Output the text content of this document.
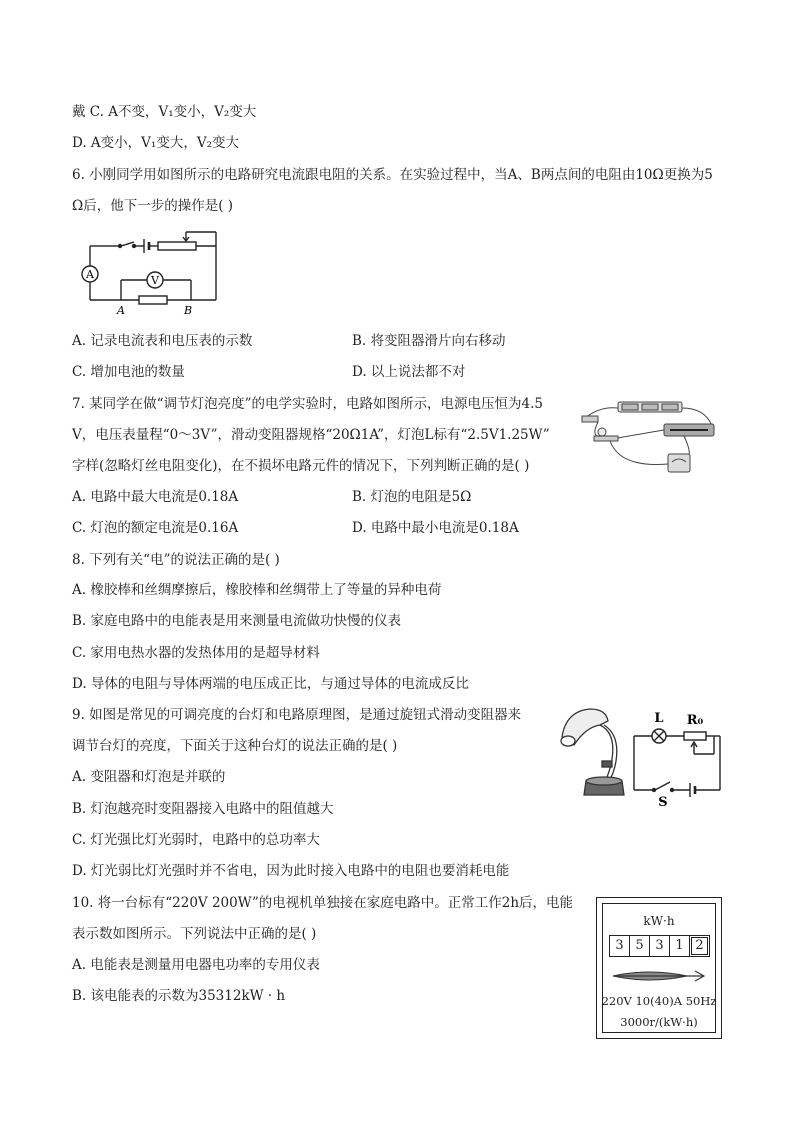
戴 C. A不变，V₁变小，V₂变大
D. A变小，V₁变大，V₂变大
6. 小刚同学用如图所示的电路研究电流跟电阻的关系。在实验过程中，当A、B两点间的电阻由10Ω更换为5
Ω后，他下一步的操作是( )
A	V
A	B
A. 记录电流表和电压表的示数	B. 将变阻器滑片向右移动
C. 增加电池的数量	D. 以上说法都不对
7. 某同学在做“调节灯泡亮度”的电学实验时，电路如图所示，电源电压恒为4.5
V，电压表量程“0～3V”，滑动变阻器规格“20Ω1A”，灯泡L标有“2.5V1.25W”
字样(忽略灯丝电阻变化)，在不损坏电路元件的情况下，下列判断正确的是( )
A. 电路中最大电流是0.18A	B. 灯泡的电阻是5Ω
C. 灯泡的额定电流是0.16A	D. 电路中最小电流是0.18A
8. 下列有关“电”的说法正确的是( )
A. 橡胶棒和丝绸摩擦后，橡胶棒和丝绸带上了等量的异种电荷
B. 家庭电路中的电能表是用来测量电流做功快慢的仪表
C. 家用电热水器的发热体用的是超导材料
D. 导体的电阻与导体两端的电压成正比，与通过导体的电流成反比
9. 如图是常见的可调亮度的台灯和电路原理图，是通过旋钮式滑动变阻器来
调节台灯的亮度，下面关于这种台灯的说法正确的是( )
A. 变阻器和灯泡是并联的
B. 灯泡越亮时变阻器接入电路中的阻值越大
C. 灯光强比灯光弱时，电路中的总功率大
D. 灯光弱比灯光强时并不省电，因为此时接入电路中的电阻也要消耗电能
L R₀
S
10. 将一台标有“220V 200W”的电视机单独接在家庭电路中。正常工作2h后，电能
表示数如图所示。下列说法中正确的是( )
A. 电能表是测量用电器电功率的专用仪表
B. 该电能表的示数为35312kW · h
kW·h
3 5 3 1 2
220V 10(40)A 50Hz
3000r/(kW·h)
